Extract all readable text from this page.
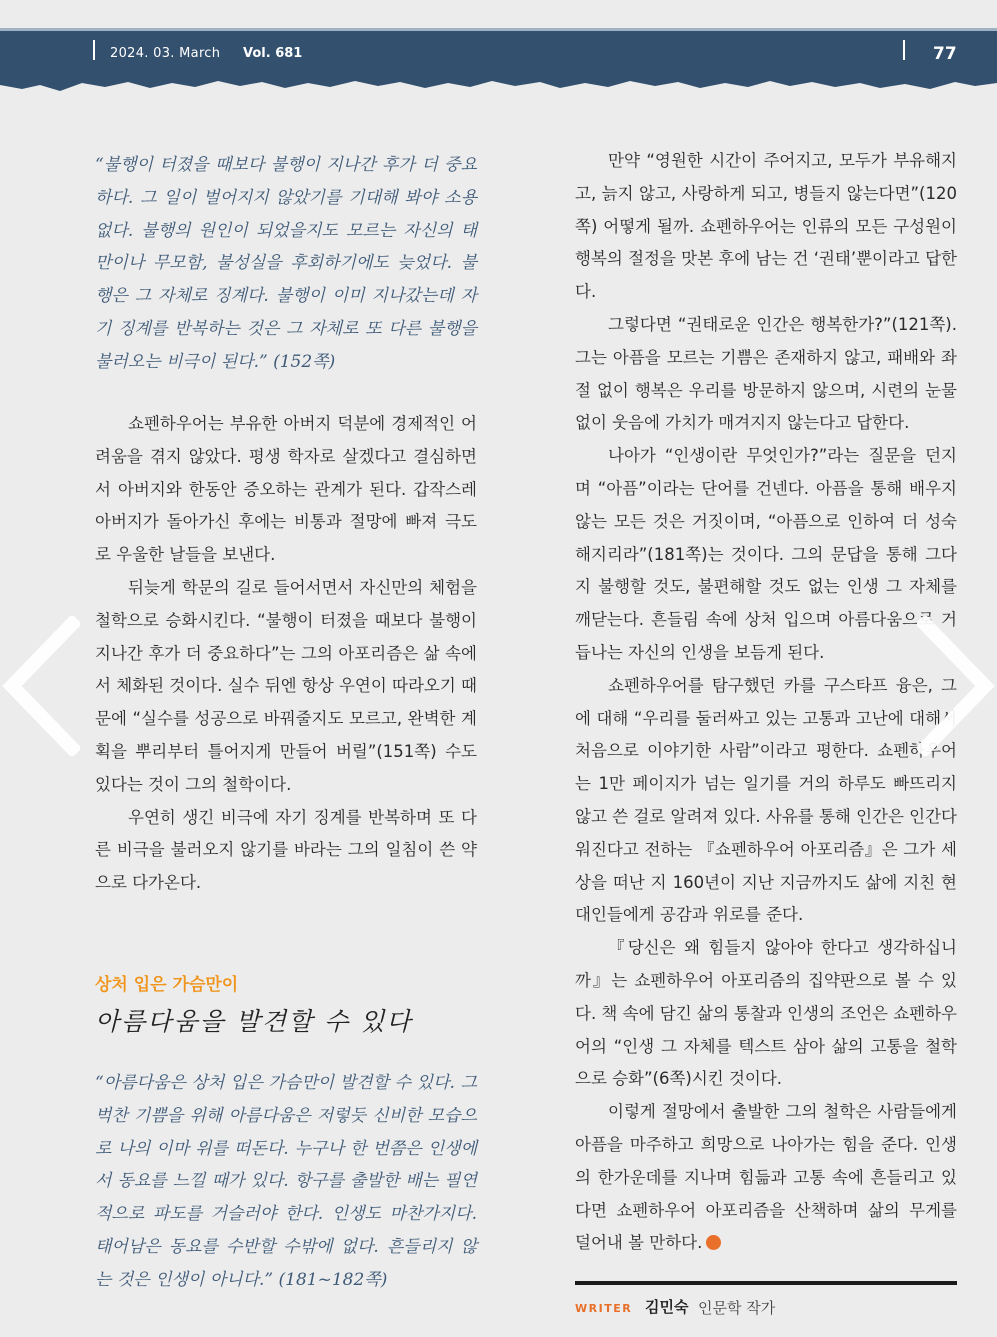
2024. 03. March Vol. 681	77

“불행이 터졌을 때보다 불행이 지나간 후가 더 중요하다. 그 일이 벌어지지 않았기를 기대해 봐야 소용없다. 불행의 원인이 되었을지도 모르는 자신의 태만이나 무모함, 불성실을 후회하기에도 늦었다. 불행은 그 자체로 징계다. 불행이 이미 지나갔는데 자기 징계를 반복하는 것은 그 자체로 또 다른 불행을 불러오는 비극이 된다.” (152쪽)

쇼펜하우어는 부유한 아버지 덕분에 경제적인 어려움을 겪지 않았다. 평생 학자로 살겠다고 결심하면서 아버지와 한동안 증오하는 관계가 된다. 갑작스레 아버지가 돌아가신 후에는 비통과 절망에 빠져 극도로 우울한 날들을 보낸다.

뒤늦게 학문의 길로 들어서면서 자신만의 체험을 철학으로 승화시킨다. “불행이 터졌을 때보다 불행이 지나간 후가 더 중요하다”는 그의 아포리즘은 삶 속에서 체화된 것이다. 실수 뒤엔 항상 우연이 따라오기 때문에 “실수를 성공으로 바꿔줄지도 모르고, 완벽한 계획을 뿌리부터 틀어지게 만들어 버릴”(151쪽) 수도 있다는 것이 그의 철학이다.

우연히 생긴 비극에 자기 징계를 반복하며 또 다른 비극을 불러오지 않기를 바라는 그의 일침이 쓴 약으로 다가온다.

상처 입은 가슴만이
아름다움을 발견할 수 있다

“아름다움은 상처 입은 가슴만이 발견할 수 있다. 그 벅찬 기쁨을 위해 아름다움은 저렇듯 신비한 모습으로 나의 이마 위를 떠돈다. 누구나 한 번쯤은 인생에서 동요를 느낄 때가 있다. 항구를 출발한 배는 필연적으로 파도를 거슬러야 한다. 인생도 마찬가지다. 태어남은 동요를 수반할 수밖에 없다. 흔들리지 않는 것은 인생이 아니다.” (181~182쪽)

만약 “영원한 시간이 주어지고, 모두가 부유해지고, 늙지 않고, 사랑하게 되고, 병들지 않는다면”(120쪽) 어떻게 될까. 쇼펜하우어는 인류의 모든 구성원이 행복의 절정을 맛본 후에 남는 건 ‘권태’뿐이라고 답한다.

그렇다면 “권태로운 인간은 행복한가?”(121쪽). 그는 아픔을 모르는 기쁨은 존재하지 않고, 패배와 좌절 없이 행복은 우리를 방문하지 않으며, 시련의 눈물 없이 웃음에 가치가 매겨지지 않는다고 답한다.

나아가 “인생이란 무엇인가?”라는 질문을 던지며 “아픔”이라는 단어를 건넨다. 아픔을 통해 배우지 않는 모든 것은 거짓이며, “아픔으로 인하여 더 성숙해지리라”(181쪽)는 것이다. 그의 문답을 통해 그다지 불행할 것도, 불편해할 것도 없는 인생 그 자체를 깨닫는다. 흔들림 속에 상처 입으며 아름다움으로 거듭나는 자신의 인생을 보듬게 된다.

쇼펜하우어를 탐구했던 카를 구스타프 융은, 그에 대해 “우리를 둘러싸고 있는 고통과 고난에 대해서 처음으로 이야기한 사람”이라고 평한다. 쇼펜하우어는 1만 페이지가 넘는 일기를 거의 하루도 빠뜨리지 않고 쓴 걸로 알려져 있다. 사유를 통해 인간은 인간다워진다고 전하는 『쇼펜하우어 아포리즘』은 그가 세상을 떠난 지 160년이 지난 지금까지도 삶에 지친 현대인들에게 공감과 위로를 준다.

『당신은 왜 힘들지 않아야 한다고 생각하십니까』는 쇼펜하우어 아포리즘의 집약판으로 볼 수 있다. 책 속에 담긴 삶의 통찰과 인생의 조언은 쇼펜하우어의 “인생 그 자체를 텍스트 삼아 삶의 고통을 철학으로 승화”(6쪽)시킨 것이다.

이렇게 절망에서 출발한 그의 철학은 사람들에게 아픔을 마주하고 희망으로 나아가는 힘을 준다. 인생의 한가운데를 지나며 힘듦과 고통 속에 흔들리고 있다면 쇼펜하우어 아포리즘을 산책하며 삶의 무게를 덜어내 볼 만하다.

WRITER 김민숙 인문학 작가
